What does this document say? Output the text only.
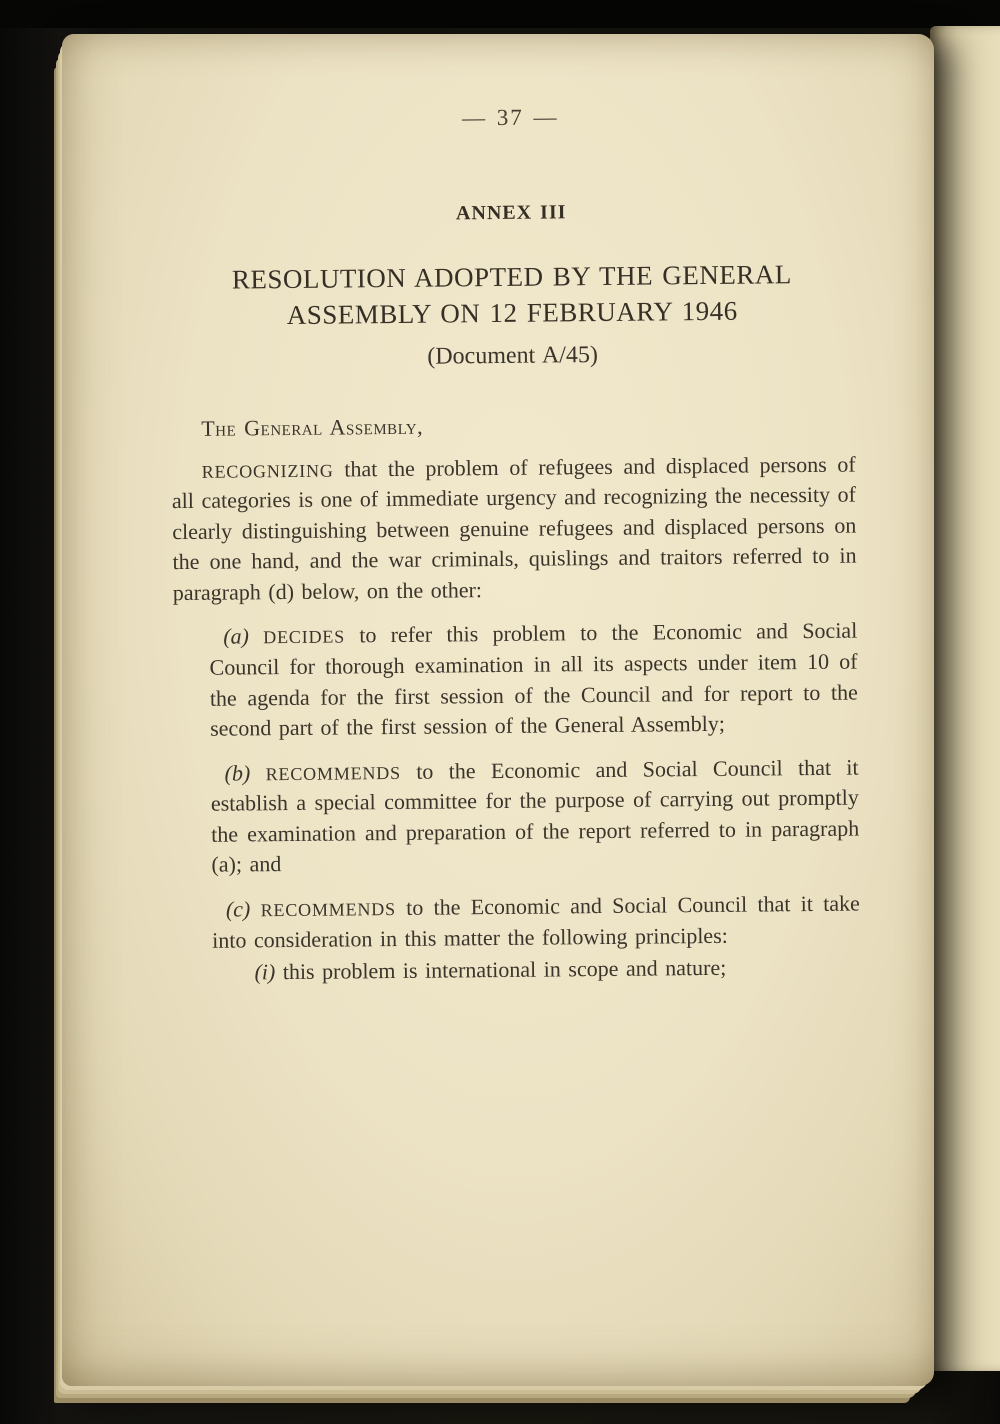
— 37 —

ANNEX III
RESOLUTION ADOPTED BY THE GENERAL
ASSEMBLY ON 12 FEBRUARY 1946

(Document A/45)

The General Assembly,

RECOGNIZING that the problem of refugees and displaced persons of all categories is one of immediate urgency and recognizing the necessity of clearly distinguishing between genuine refugees and displaced persons on the one hand, and the war criminals, quislings and traitors referred to in paragraph (d) below, on the other:

(a) DECIDES to refer this problem to the Economic and Social Council for thorough examination in all its aspects under item 10 of the agenda for the first session of the Council and for report to the second part of the first session of the General Assembly;

(b) RECOMMENDS to the Economic and Social Council that it establish a special committee for the purpose of carrying out promptly the examination and preparation of the report referred to in paragraph (a); and

(c) RECOMMENDS to the Economic and Social Council that it take into consideration in this matter the following principles:

(i) this problem is international in scope and nature;
